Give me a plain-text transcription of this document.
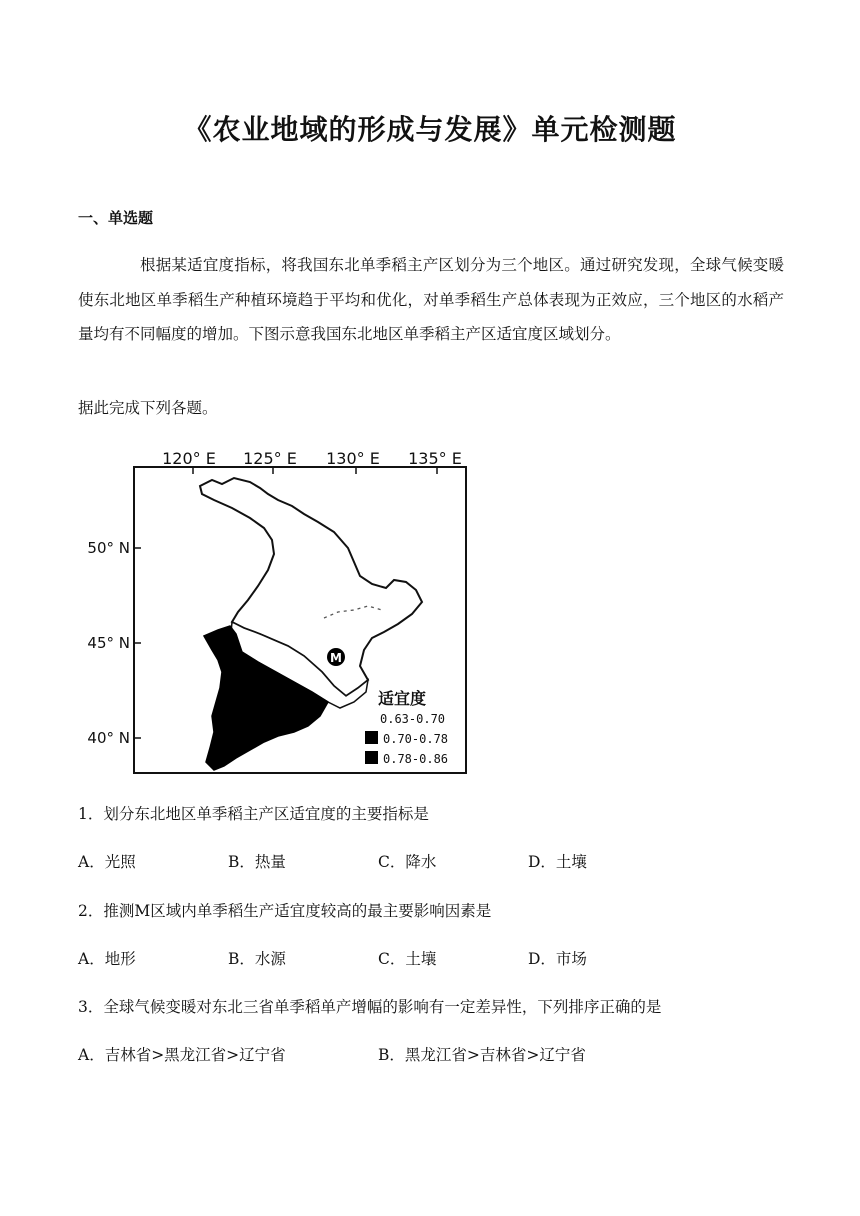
《农业地域的形成与发展》单元检测题
一、单选题
根据某适宜度指标，将我国东北单季稻主产区划分为三个地区。通过研究发现，全球气候变暖使东北地区单季稻生产种植环境趋于平均和优化，对单季稻生产总体表现为正效应，三个地区的水稻产量均有不同幅度的增加。下图示意我国东北地区单季稻主产区适宜度区域划分。
据此完成下列各题。
120° E 125° E 130° E 135° E
50° N
45° N
40° N
M
适宜度
0.63-0.70
0.70-0.78
0.78-0.86
1．划分东北地区单季稻主产区适宜度的主要指标是
A．光照	B．热量	C．降水	D．土壤
2．推测M区域内单季稻生产适宜度较高的最主要影响因素是
A．地形	B．水源	C．土壤	D．市场
3．全球气候变暖对东北三省单季稻单产增幅的影响有一定差异性，下列排序正确的是
A．吉林省>黑龙江省>辽宁省	B．黑龙江省>吉林省>辽宁省
